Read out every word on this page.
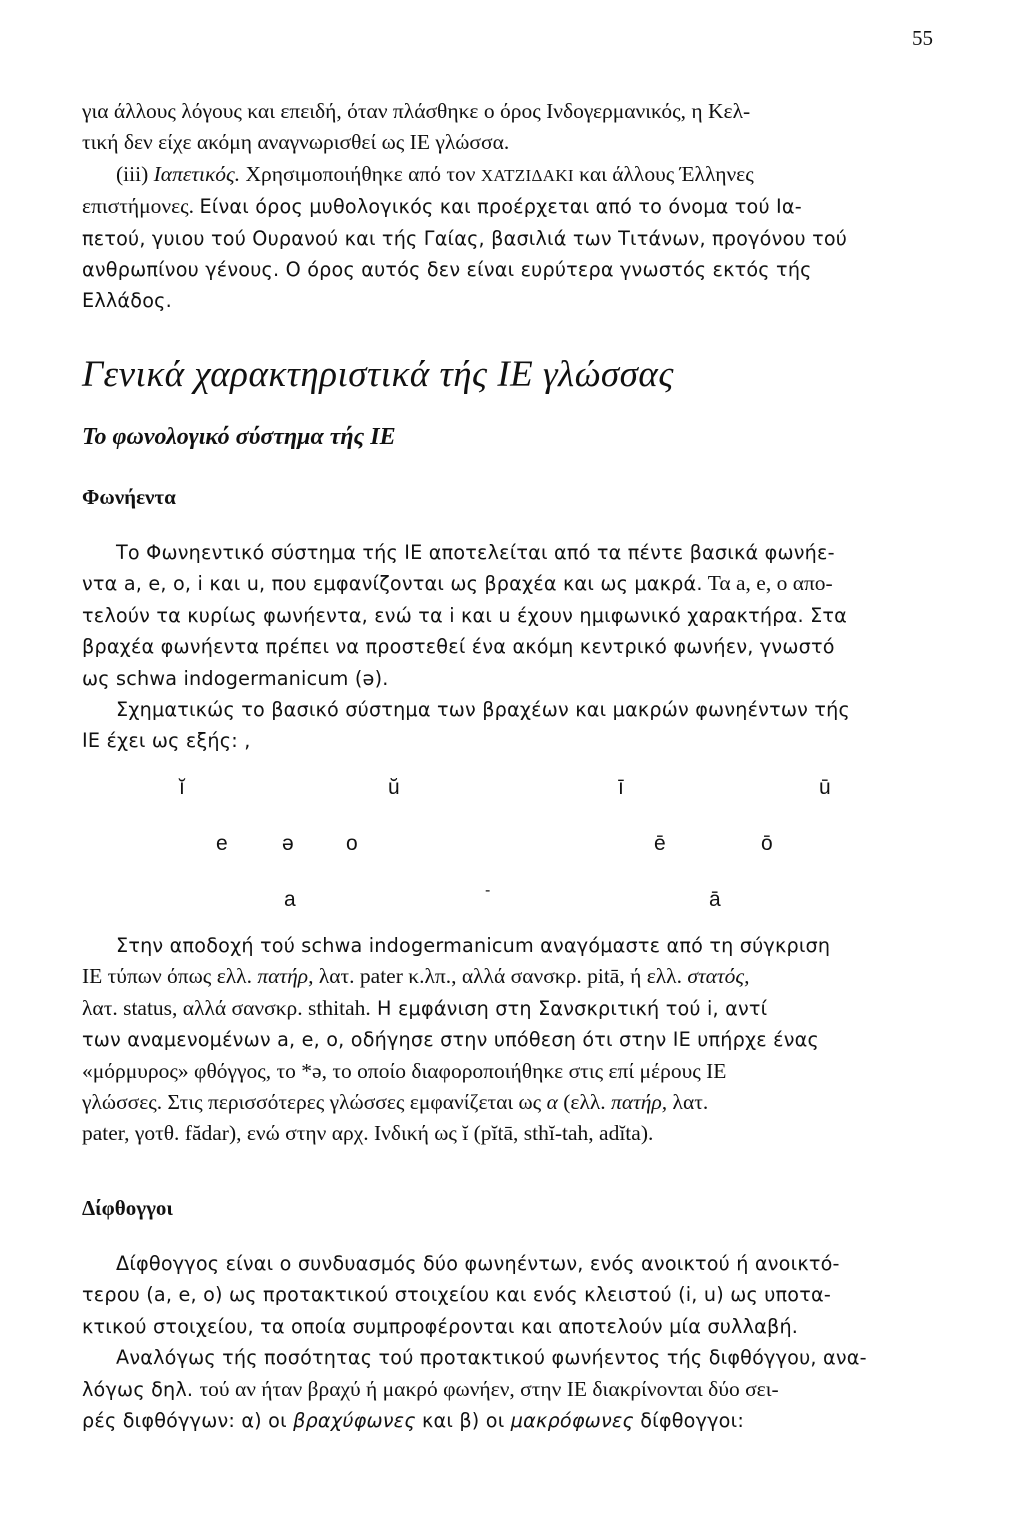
55

για άλλους λόγους και επειδή, όταν πλάσθηκε ο όρος Ινδογερμανικός, η Κελ-

τική δεν είχε ακόμη αναγνωρισθεί ως ΙΕ γλώσσα.

(iii) Ιαπετικός. Χρησιμοποιήθηκε από τον ΧΑΤΖΙΔΑΚΙ και άλλους Έλληνες

επιστήμονες. Είναι όρος μυθολογικός και προέρχεται από το όνομα τού Ια-

πετού, γυιου τού Ουρανού και τής Γαίας, βασιλιά των Τιτάνων, προγόνου τού

ανθρωπίνου γένους. Ο όρος αυτός δεν είναι ευρύτερα γνωστός εκτός τής

Ελλάδος.

Γενικά χαρακτηριστικά τής ΙΕ γλώσσας
Το φωνολογικό σύστημα τής ΙΕ
Φωνήεντα

Το Φωνηεντικό σύστημα τής ΙΕ αποτελείται από τα πέντε βασικά φωνήε-

ντα a, e, o, i και u, που εμφανίζονται ως βραχέα και ως μακρά. Τα a, e, o απο-

τελούν τα κυρίως φωνήεντα, ενώ τα i και u έχουν ημιφωνικό χαρακτήρα. Στα

βραχέα φωνήεντα πρέπει να προστεθεί ένα ακόμη κεντρικό φωνήεν, γνωστό

ως schwa indogermanicum (ə).

Σχηματικώς το βασικό σύστημα των βραχέων και μακρών φωνηέντων τής

ΙΕ έχει ως εξής: ,

ĭ	ŭ	ī	ū
e	ə o	ē	ō
a	-	ā

Στην αποδοχή τού schwa indogermanicum αναγόμαστε από τη σύγκριση

ΙΕ τύπων όπως ελλ. πατήρ, λατ. pater κ.λπ., αλλά σανσκρ. pitā, ή ελλ. στατός,

λατ. status, αλλά σανσκρ. sthitah. Η εμφάνιση στη Σανσκριτική τού i, αντί

των αναμενομένων a, e, o, οδήγησε στην υπόθεση ότι στην ΙΕ υπήρχε ένας

«μόρμυρος» φθόγγος, το *ə, το οποίο διαφοροποιήθηκε στις επί μέρους ΙΕ

γλώσσες. Στις περισσότερες γλώσσες εμφανίζεται ως α (ελλ. πατήρ, λατ.

pater, γοτθ. fădar), ενώ στην αρχ. Ινδική ως ĭ (pĭtā, sthĭ-tah, adĭta).

Δίφθογγοι

Δίφθογγος είναι ο συνδυασμός δύο φωνηέντων, ενός ανοικτού ή ανοικτό-

τερου (a, e, o) ως προτακτικού στοιχείου και ενός κλειστού (i, u) ως υποτα-

κτικού στοιχείου, τα οποία συμπροφέρονται και αποτελούν μία συλλαβή.

Αναλόγως τής ποσότητας τού προτακτικού φωνήεντος τής διφθόγγου, ανα-

λόγως δηλ. τού αν ήταν βραχύ ή μακρό φωνήεν, στην ΙΕ διακρίνονται δύο σει-

ρές διφθόγγων: α) οι βραχύφωνες και β) οι μακρόφωνες δίφθογγοι:
